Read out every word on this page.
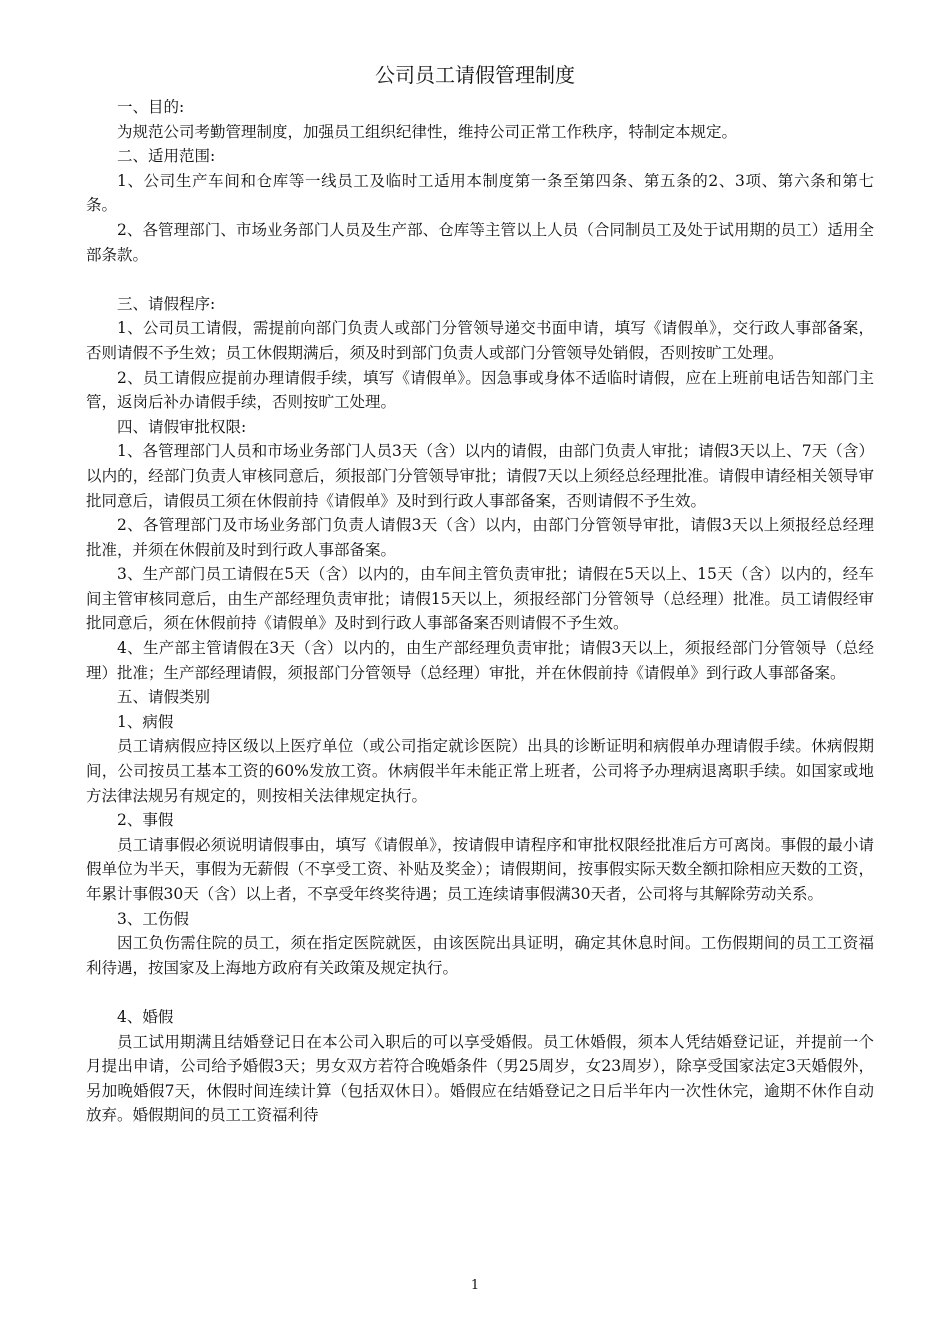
公司员工请假管理制度
一、目的:
为规范公司考勤管理制度，加强员工组织纪律性，维持公司正常工作秩序，特制定本规定。
二、适用范围:
1、公司生产车间和仓库等一线员工及临时工适用本制度第一条至第四条、第五条的2、3项、第六条和第七条。
2、各管理部门、市场业务部门人员及生产部、仓库等主管以上人员（合同制员工及处于试用期的员工）适用全部条款。
三、请假程序:
1、公司员工请假，需提前向部门负责人或部门分管领导递交书面申请，填写《请假单》，交行政人事部备案，否则请假不予生效；员工休假期满后，须及时到部门负责人或部门分管领导处销假，否则按旷工处理。
2、员工请假应提前办理请假手续，填写《请假单》。因急事或身体不适临时请假，应在上班前电话告知部门主管，返岗后补办请假手续，否则按旷工处理。
四、请假审批权限:
1、各管理部门人员和市场业务部门人员3天（含）以内的请假，由部门负责人审批；请假3天以上、7天（含）以内的，经部门负责人审核同意后，须报部门分管领导审批；请假7天以上须经总经理批准。请假申请经相关领导审批同意后，请假员工须在休假前持《请假单》及时到行政人事部备案，否则请假不予生效。
2、各管理部门及市场业务部门负责人请假3天（含）以内，由部门分管领导审批，请假3天以上须报经总经理批准，并须在休假前及时到行政人事部备案。
3、生产部门员工请假在5天（含）以内的，由车间主管负责审批；请假在5天以上、15天（含）以内的，经车间主管审核同意后，由生产部经理负责审批；请假15天以上，须报经部门分管领导（总经理）批准。员工请假经审批同意后，须在休假前持《请假单》及时到行政人事部备案否则请假不予生效。
4、生产部主管请假在3天（含）以内的，由生产部经理负责审批；请假3天以上，须报经部门分管领导（总经理）批准；生产部经理请假，须报部门分管领导（总经理）审批，并在休假前持《请假单》到行政人事部备案。
五、请假类别
1、病假
员工请病假应持区级以上医疗单位（或公司指定就诊医院）出具的诊断证明和病假单办理请假手续。休病假期间，公司按员工基本工资的60%发放工资。休病假半年未能正常上班者，公司将予办理病退离职手续。如国家或地方法律法规另有规定的，则按相关法律规定执行。
2、事假
员工请事假必须说明请假事由，填写《请假单》，按请假申请程序和审批权限经批准后方可离岗。事假的最小请假单位为半天，事假为无薪假（不享受工资、补贴及奖金）；请假期间，按事假实际天数全额扣除相应天数的工资，年累计事假30天（含）以上者，不享受年终奖待遇；员工连续请事假满30天者，公司将与其解除劳动关系。
3、工伤假
因工负伤需住院的员工，须在指定医院就医，由该医院出具证明，确定其休息时间。工伤假期间的员工工资福利待遇，按国家及上海地方政府有关政策及规定执行。
4、婚假
员工试用期满且结婚登记日在本公司入职后的可以享受婚假。员工休婚假，须本人凭结婚登记证，并提前一个月提出申请，公司给予婚假3天；男女双方若符合晚婚条件（男25周岁，女23周岁），除享受国家法定3天婚假外，另加晚婚假7天，休假时间连续计算（包括双休日）。婚假应在结婚登记之日后半年内一次性休完，逾期不休作自动放弃。婚假期间的员工工资福利待
1
